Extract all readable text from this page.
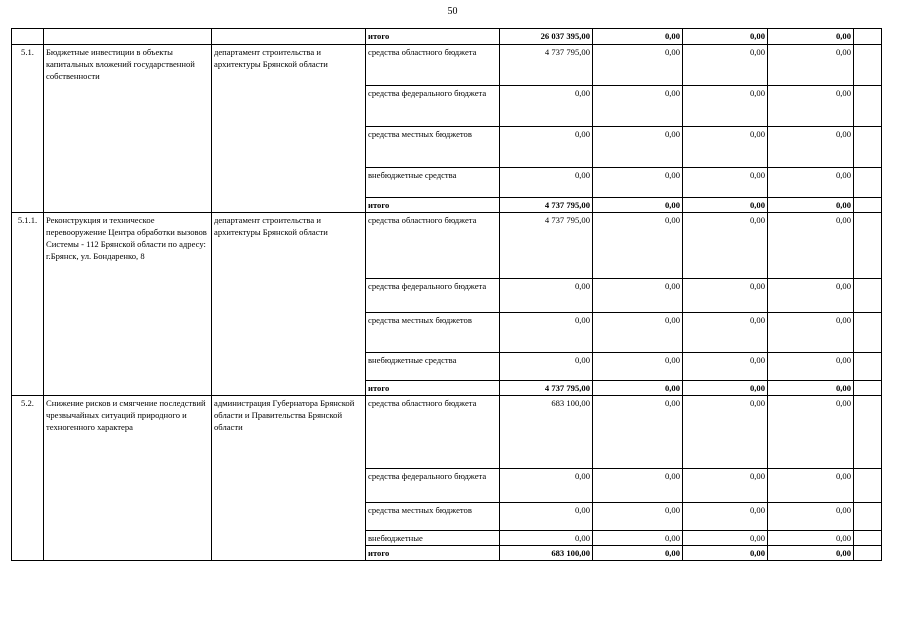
50
			итого	26 037 395,00	0,00	0,00	0,00	
5.1.	Бюджетные инвестиции в объекты капитальных вложений государственной собственности	департамент строительства и архитектуры Брянской области	средства областного бюджета	4 737 795,00	0,00	0,00	0,00	
			средства федерального бюджета	0,00	0,00	0,00	0,00	
			средства местных бюджетов	0,00	0,00	0,00	0,00	
			внебюджетные средства	0,00	0,00	0,00	0,00	
			итого	4 737 795,00	0,00	0,00	0,00	
5.1.1.	Реконструкция и техническое перевооружение Центра обработки вызовов Системы - 112 Брянской области по адресу: г.Брянск, ул. Бондаренко, 8	департамент строительства и архитектуры Брянской области	средства областного бюджета	4 737 795,00	0,00	0,00	0,00	
			средства федерального бюджета	0,00	0,00	0,00	0,00	
			средства местных бюджетов	0,00	0,00	0,00	0,00	
			внебюджетные средства	0,00	0,00	0,00	0,00	
			итого	4 737 795,00	0,00	0,00	0,00	
5.2.	Снижение рисков и смягчение последствий чрезвычайных ситуаций природного и техногенного характера	администрация Губернатора Брянской области и Правительства Брянской области	средства областного бюджета	683 100,00	0,00	0,00	0,00	
			средства федерального бюджета	0,00	0,00	0,00	0,00	
			средства местных бюджетов	0,00	0,00	0,00	0,00	
			внебюджетные	0,00	0,00	0,00	0,00	
			итого	683 100,00	0,00	0,00	0,00	
